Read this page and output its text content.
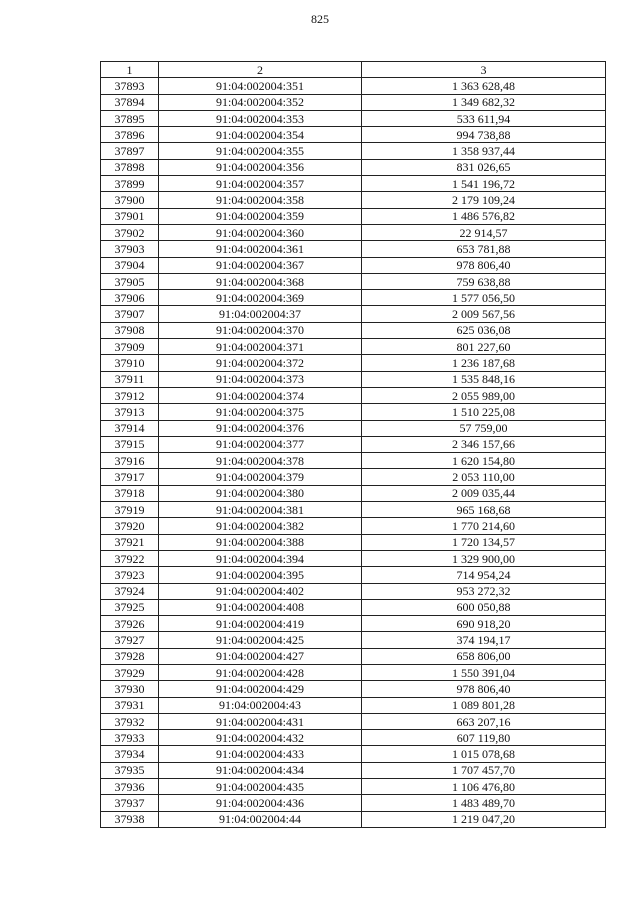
825
1	2	3
37893	91:04:002004:351	1 363 628,48
37894	91:04:002004:352	1 349 682,32
37895	91:04:002004:353	533 611,94
37896	91:04:002004:354	994 738,88
37897	91:04:002004:355	1 358 937,44
37898	91:04:002004:356	831 026,65
37899	91:04:002004:357	1 541 196,72
37900	91:04:002004:358	2 179 109,24
37901	91:04:002004:359	1 486 576,82
37902	91:04:002004:360	22 914,57
37903	91:04:002004:361	653 781,88
37904	91:04:002004:367	978 806,40
37905	91:04:002004:368	759 638,88
37906	91:04:002004:369	1 577 056,50
37907	91:04:002004:37	2 009 567,56
37908	91:04:002004:370	625 036,08
37909	91:04:002004:371	801 227,60
37910	91:04:002004:372	1 236 187,68
37911	91:04:002004:373	1 535 848,16
37912	91:04:002004:374	2 055 989,00
37913	91:04:002004:375	1 510 225,08
37914	91:04:002004:376	57 759,00
37915	91:04:002004:377	2 346 157,66
37916	91:04:002004:378	1 620 154,80
37917	91:04:002004:379	2 053 110,00
37918	91:04:002004:380	2 009 035,44
37919	91:04:002004:381	965 168,68
37920	91:04:002004:382	1 770 214,60
37921	91:04:002004:388	1 720 134,57
37922	91:04:002004:394	1 329 900,00
37923	91:04:002004:395	714 954,24
37924	91:04:002004:402	953 272,32
37925	91:04:002004:408	600 050,88
37926	91:04:002004:419	690 918,20
37927	91:04:002004:425	374 194,17
37928	91:04:002004:427	658 806,00
37929	91:04:002004:428	1 550 391,04
37930	91:04:002004:429	978 806,40
37931	91:04:002004:43	1 089 801,28
37932	91:04:002004:431	663 207,16
37933	91:04:002004:432	607 119,80
37934	91:04:002004:433	1 015 078,68
37935	91:04:002004:434	1 707 457,70
37936	91:04:002004:435	1 106 476,80
37937	91:04:002004:436	1 483 489,70
37938	91:04:002004:44	1 219 047,20
